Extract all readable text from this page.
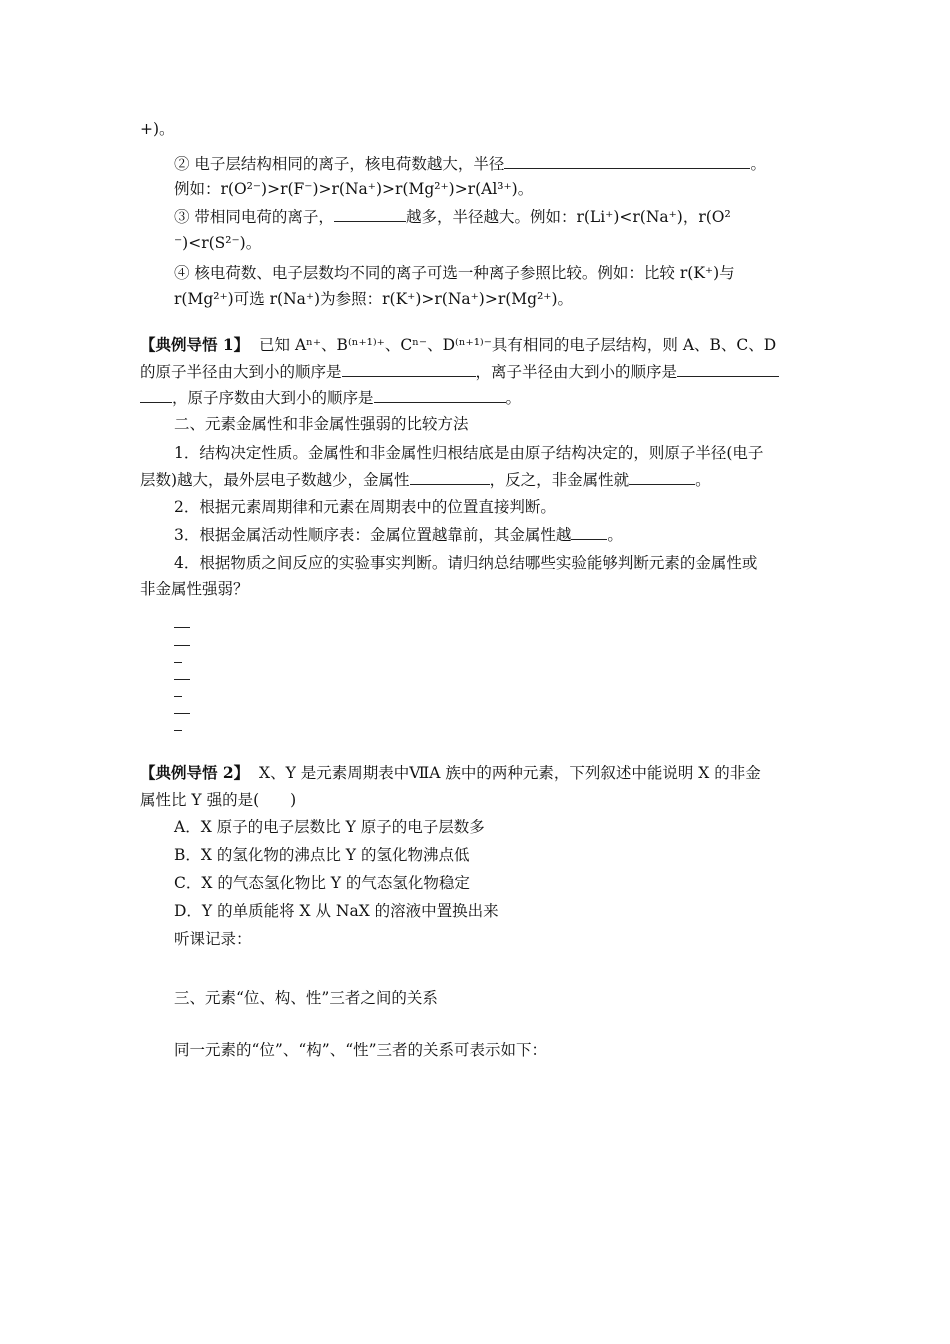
+)。
② 电子层结构相同的离子，核电荷数越大，半径	。
例如：r(O²⁻)>r(F⁻)>r(Na⁺)>r(Mg²⁺)>r(Al³⁺)。
③ 带相同电荷的离子，	越多，半径越大。例如：r(Li⁺)<r(Na⁺)，r(O²
⁻)<r(S²⁻)。
④ 核电荷数、电子层数均不同的离子可选一种离子参照比较。例如：比较 r(K⁺)与
r(Mg²⁺)可选 r(Na⁺)为参照：r(K⁺)>r(Na⁺)>r(Mg²⁺)。
【典例导悟 1】 已知 Aⁿ⁺、B⁽ⁿ⁺¹⁾⁺、Cⁿ⁻、D⁽ⁿ⁺¹⁾⁻具有相同的电子层结构，则 A、B、C、D
的原子半径由大到小的顺序是	，离子半径由大到小的顺序是
，原子序数由大到小的顺序是	。
二、元素金属性和非金属性强弱的比较方法
1．结构决定性质。金属性和非金属性归根结底是由原子结构决定的，则原子半径(电子
层数)越大，最外层电子数越少，金属性	，反之，非金属性就	。
2．根据元素周期律和元素在周期表中的位置直接判断。
3．根据金属活动性顺序表：金属位置越靠前，其金属性越 。
4．根据物质之间反应的实验事实判断。请归纳总结哪些实验能够判断元素的金属性或
非金属性强弱？
【典例导悟 2】 X、Y 是元素周期表中ⅦA 族中的两种元素，下列叙述中能说明 X 的非金
属性比 Y 强的是(　　)
A．X 原子的电子层数比 Y 原子的电子层数多
B．X 的氢化物的沸点比 Y 的氢化物沸点低
C．X 的气态氢化物比 Y 的气态氢化物稳定
D．Y 的单质能将 X 从 NaX 的溶液中置换出来
听课记录：
三、元素“位、构、性”三者之间的关系
同一元素的“位”、“构”、“性”三者的关系可表示如下：
